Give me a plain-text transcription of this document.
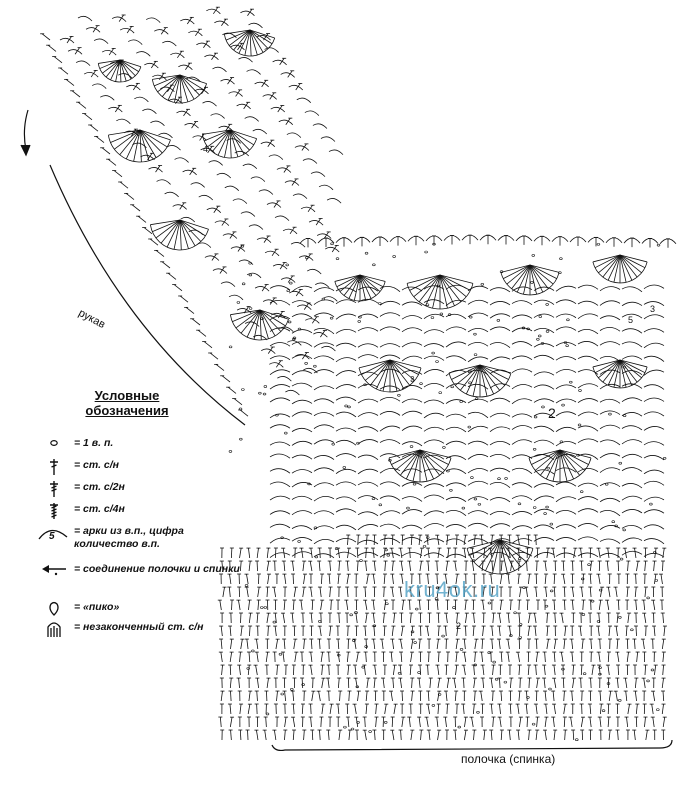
2
2
5
4
3
рукав
полочка (спинка)
kru4ok.ru
Условные обозначения
= 1 в. п.
= ст. с/н
= ст. с/2н
= ст. с/4н
5 = арки из в.п., цифра количество в.п.
= соединение полочки и спинки
= «пико»
= незаконченный ст. с/н
